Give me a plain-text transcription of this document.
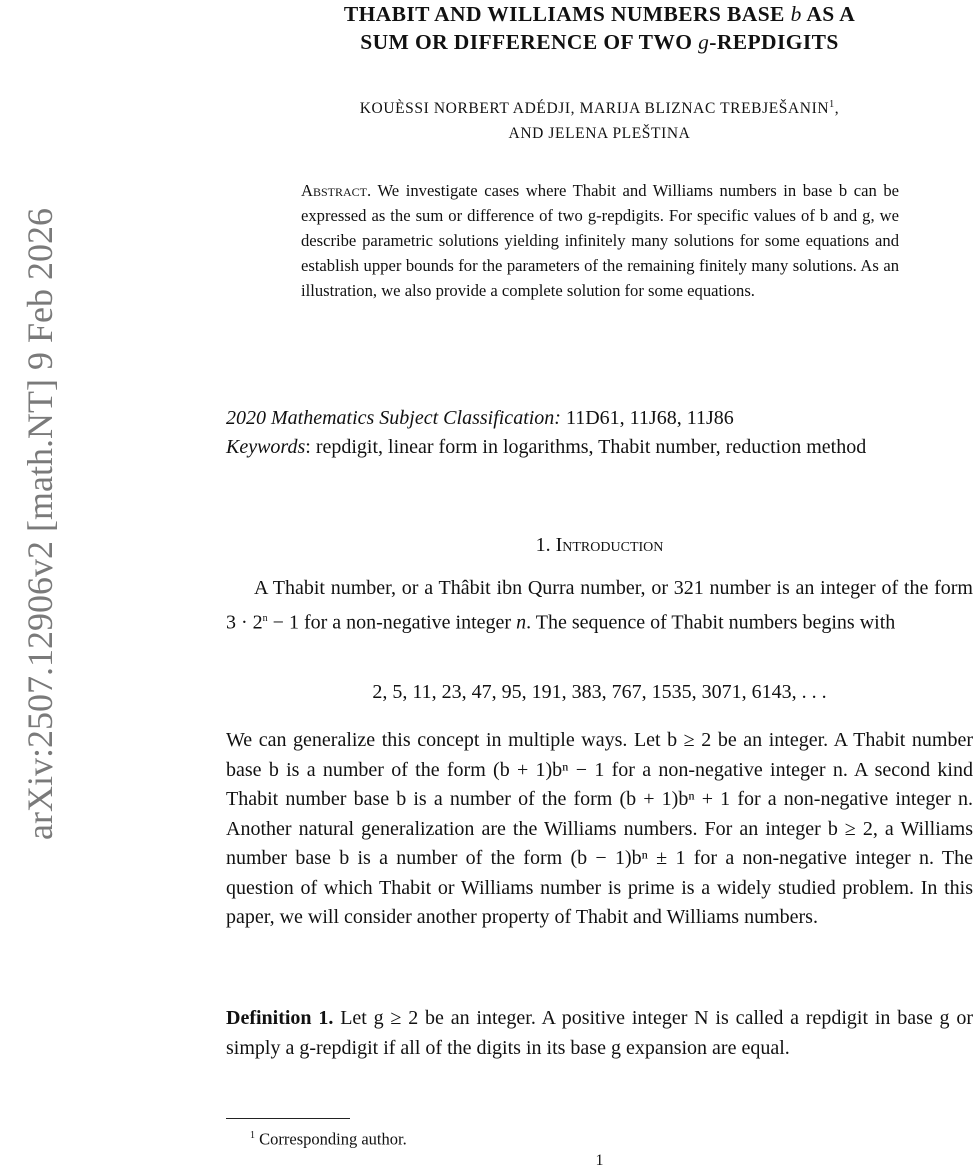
arXiv:2507.12906v2 [math.NT] 9 Feb 2026
THABIT AND WILLIAMS NUMBERS BASE b AS A
SUM OR DIFFERENCE OF TWO g-REPDIGITS
KOUÈSSI NORBERT ADÉDJI, MARIJA BLIZNAC TREBJEŠANIN$^1$,
AND JELENA PLEŠTINA
Abstract. We investigate cases where Thabit and Williams numbers in base b can be expressed as the sum or difference of two g-repdigits. For specific values of b and g, we describe parametric solutions yielding infinitely many solutions for some equations and establish upper bounds for the parameters of the remaining finitely many solutions. As an illustration, we also provide a complete solution for some equations.
2020 Mathematics Subject Classification: 11D61, 11J68, 11J86
Keywords: repdigit, linear form in logarithms, Thabit number, reduction method
1. Introduction

A Thabit number, or a Thâbit ibn Qurra number, or 321 number is an integer of the form $3 \cdot 2^n - 1$ for a non-negative integer n. The sequence of Thabit numbers begins with

2, 5, 11, 23, 47, 95, 191, 383, 767, 1535, 3071, 6143, . . .

We can generalize this concept in multiple ways. Let b ≥ 2 be an integer. A Thabit number base b is a number of the form (b + 1)bⁿ − 1 for a non-negative integer n. A second kind Thabit number base b is a number of the form (b + 1)bⁿ + 1 for a non-negative integer n. Another natural generalization are the Williams numbers. For an integer b ≥ 2, a Williams number base b is a number of the form (b − 1)bⁿ ± 1 for a non-negative integer n. The question of which Thabit or Williams number is prime is a widely studied problem. In this paper, we will consider another property of Thabit and Williams numbers.

Definition 1. Let g ≥ 2 be an integer. A positive integer N is called a repdigit in base g or simply a g-repdigit if all of the digits in its base g expansion are equal.

$^1$ Corresponding author.
1
